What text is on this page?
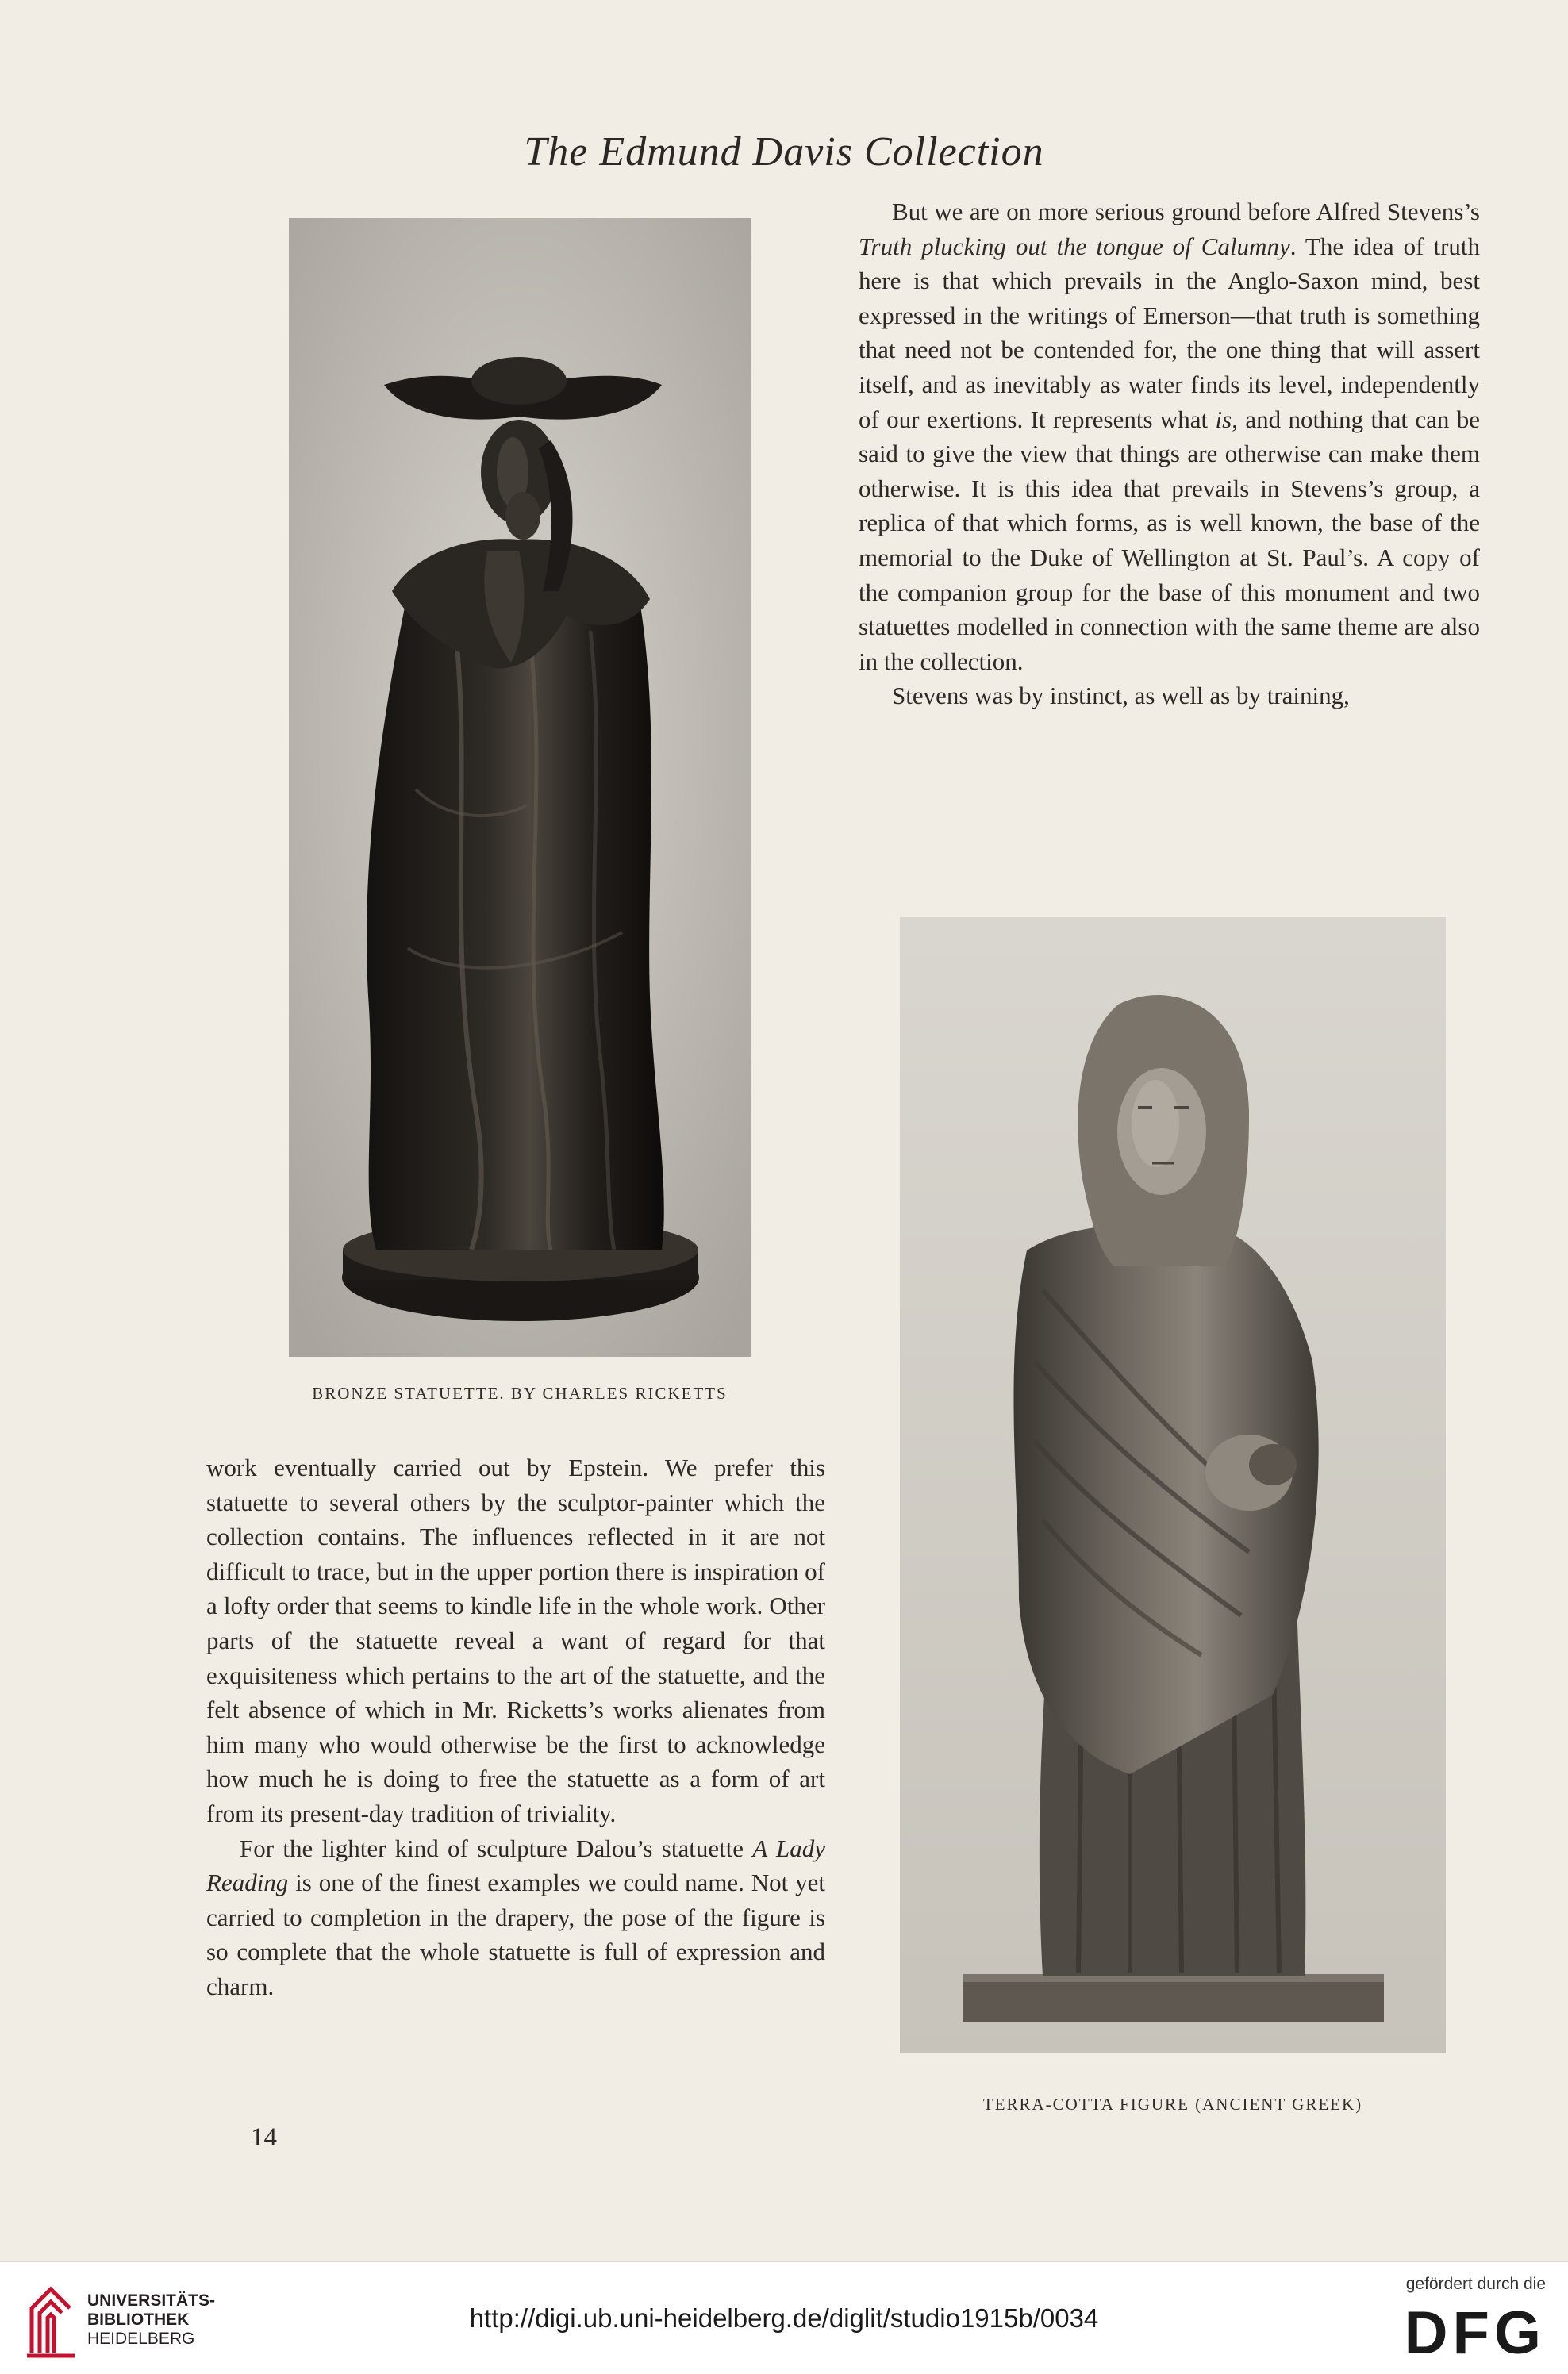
The Edmund Davis Collection
BRONZE STATUETTE. BY CHARLES RICKETTS

But we are on more serious ground before Alfred Stevens’s Truth plucking out the tongue of Calumny. The idea of truth here is that which prevails in the Anglo-Saxon mind, best expressed in the writings of Emerson—that truth is something that need not be contended for, the one thing that will assert itself, and as inevitably as water finds its level, independently of our exertions. It represents what is, and nothing that can be said to give the view that things are otherwise can make them otherwise. It is this idea that prevails in Stevens’s group, a replica of that which forms, as is well known, the base of the memorial to the Duke of Wellington at St. Paul’s. A copy of the companion group for the base of this monument and two statuettes modelled in connection with the same theme are also in the collection.

Stevens was by instinct, as well as by training,

TERRA-COTTA FIGURE (ANCIENT GREEK)

work eventually carried out by Epstein. We prefer this statuette to several others by the sculptor-painter which the collection contains. The influences reflected in it are not difficult to trace, but in the upper portion there is inspiration of a lofty order that seems to kindle life in the whole work. Other parts of the statuette reveal a want of regard for that exquisiteness which pertains to the art of the statuette, and the felt absence of which in Mr. Ricketts’s works alienates from him many who would otherwise be the first to acknowledge how much he is doing to free the statuette as a form of art from its present-day tradition of triviality.

For the lighter kind of sculpture Dalou’s statuette A Lady Reading is one of the finest examples we could name. Not yet carried to completion in the drapery, the pose of the figure is so complete that the whole statuette is full of expression and charm.

14
UNIVERSITÄTS-
BIBLIOTHEK
HEIDELBERG
http://digi.ub.uni-heidelberg.de/diglit/studio1915b/0034
gefördert durch die
DFG
